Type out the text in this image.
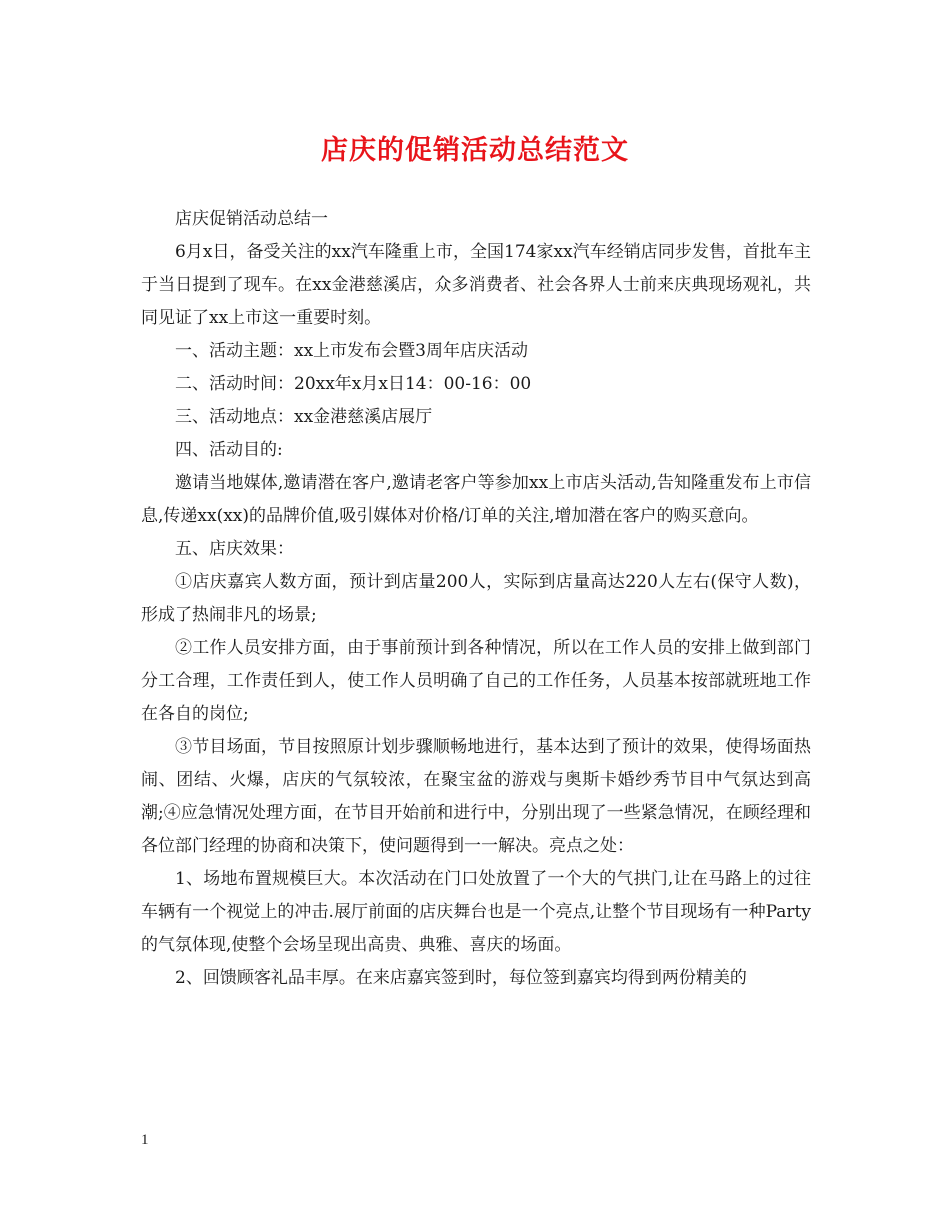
店庆的促销活动总结范文

店庆促销活动总结一

6月x日，备受关注的xx汽车隆重上市，全国174家xx汽车经销店同步发售，首批车主于当日提到了现车。在xx金港慈溪店，众多消费者、社会各界人士前来庆典现场观礼，共同见证了xx上市这一重要时刻。

一、活动主题：xx上市发布会暨3周年店庆活动

二、活动时间：20xx年x月x日14：00-16：00

三、活动地点：xx金港慈溪店展厅

四、活动目的:

邀请当地媒体,邀请潜在客户,邀请老客户等参加xx上市店头活动,告知隆重发布上市信息,传递xx(xx)的品牌价值,吸引媒体对价格/订单的关注,增加潜在客户的购买意向。

五、店庆效果：

①店庆嘉宾人数方面，预计到店量200人，实际到店量高达220人左右(保守人数)，形成了热闹非凡的场景;

②工作人员安排方面，由于事前预计到各种情况，所以在工作人员的安排上做到部门分工合理，工作责任到人，使工作人员明确了自己的工作任务，人员基本按部就班地工作在各自的岗位;

③节目场面，节目按照原计划步骤顺畅地进行，基本达到了预计的效果，使得场面热闹、团结、火爆，店庆的气氛较浓，在聚宝盆的游戏与奥斯卡婚纱秀节目中气氛达到高潮;④应急情况处理方面，在节目开始前和进行中，分别出现了一些紧急情况，在顾经理和各位部门经理的协商和决策下，使问题得到一一解决。亮点之处：

1、场地布置规模巨大。本次活动在门口处放置了一个大的气拱门,让在马路上的过往车辆有一个视觉上的冲击.展厅前面的店庆舞台也是一个亮点,让整个节目现场有一种Party的气氛体现,使整个会场呈现出高贵、典雅、喜庆的场面。

2、回馈顾客礼品丰厚。在来店嘉宾签到时，每位签到嘉宾均得到两份精美的

1
